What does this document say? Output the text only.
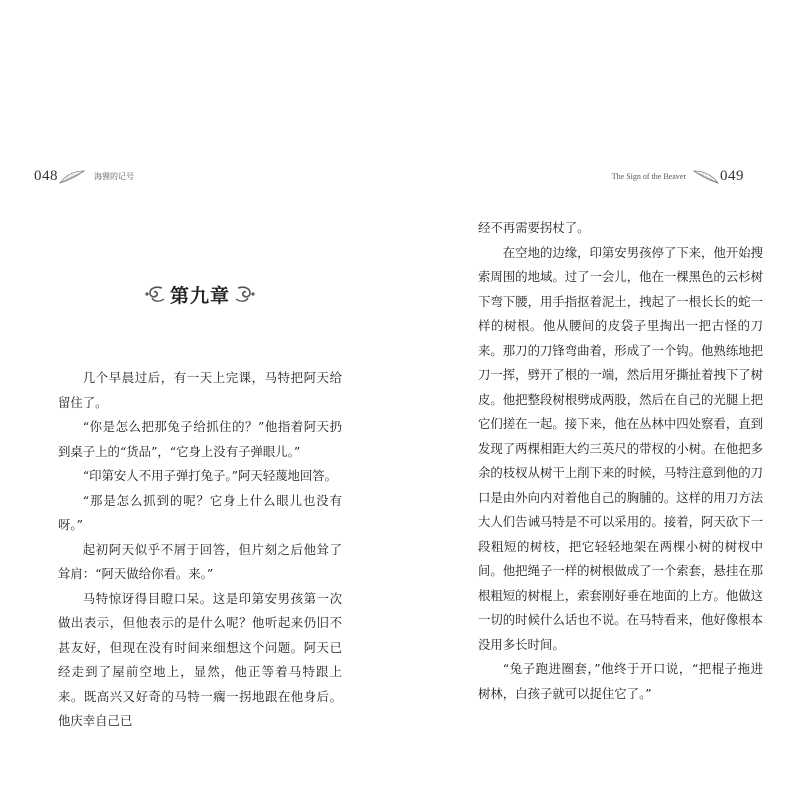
048	海狸的记号
第九章

几个早晨过后，有一天上完课，马特把阿天给留住了。

“你是怎么把那兔子给抓住的？”他指着阿天扔到桌子上的“货品”，“它身上没有子弹眼儿。”

“印第安人不用子弹打兔子。”阿天轻蔑地回答。

“那是怎么抓到的呢？它身上什么眼儿也没有呀。”

起初阿天似乎不屑于回答，但片刻之后他耸了耸肩：“阿天做给你看。来。”

马特惊讶得目瞪口呆。这是印第安男孩第一次做出表示，但他表示的是什么呢？他听起来仍旧不甚友好，但现在没有时间来细想这个问题。阿天已经走到了屋前空地上，显然，他正等着马特跟上来。既高兴又好奇的马特一瘸一拐地跟在他身后。他庆幸自己已

The Sign of the Beaver 049

经不再需要拐杖了。

在空地的边缘，印第安男孩停了下来，他开始搜索周围的地域。过了一会儿，他在一棵黑色的云杉树下弯下腰，用手指抠着泥土，拽起了一根长长的蛇一样的树根。他从腰间的皮袋子里掏出一把古怪的刀来。那刀的刀锋弯曲着，形成了一个钩。他熟练地把刀一挥，劈开了根的一端，然后用牙撕扯着拽下了树皮。他把整段树根劈成两股，然后在自己的光腿上把它们搓在一起。接下来，他在丛林中四处察看，直到发现了两棵相距大约三英尺的带杈的小树。在他把多余的枝杈从树干上削下来的时候，马特注意到他的刀口是由外向内对着他自己的胸脯的。这样的用刀方法大人们告诫马特是不可以采用的。接着，阿天砍下一段粗短的树枝，把它轻轻地架在两棵小树的树杈中间。他把绳子一样的树根做成了一个索套，悬挂在那根粗短的树棍上，索套刚好垂在地面的上方。他做这一切的时候什么话也不说。在马特看来，他好像根本没用多长时间。

“兔子跑进圈套，”他终于开口说，“把棍子拖进树林，白孩子就可以捉住它了。”
